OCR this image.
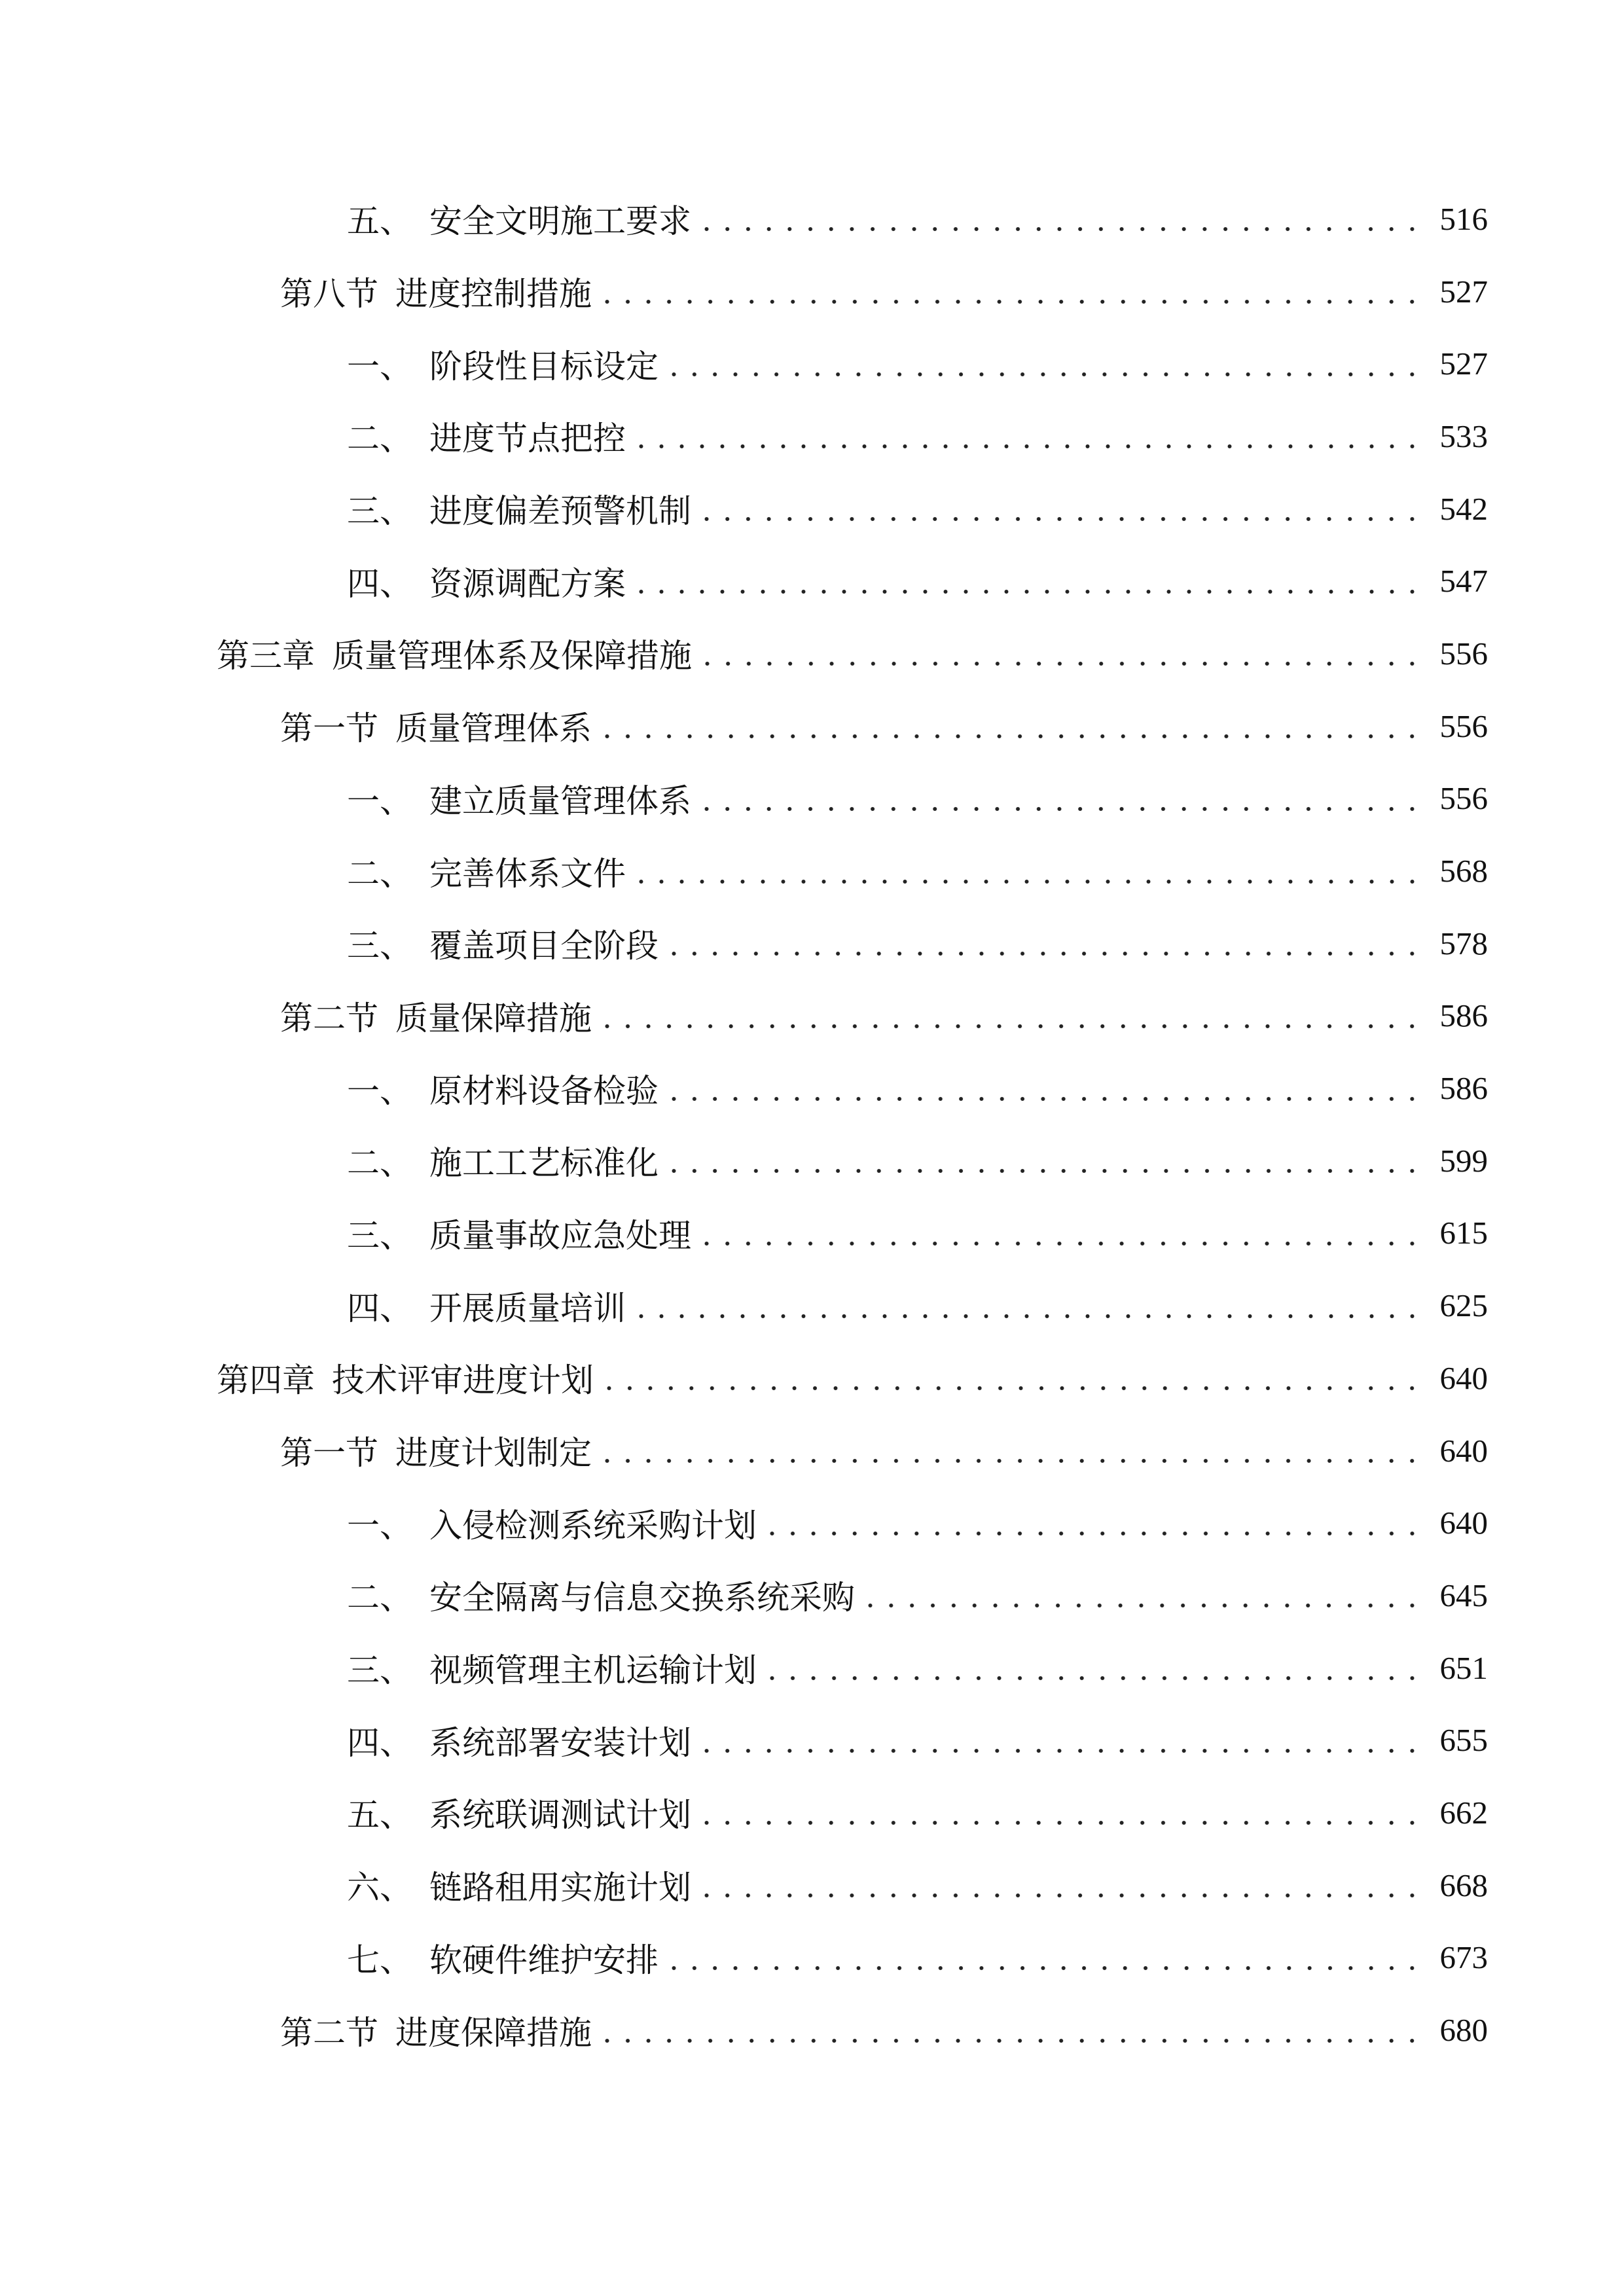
五、 安全文明施工要求	516
第八节 进度控制措施	527
一、 阶段性目标设定	527
二、 进度节点把控	533
三、 进度偏差预警机制	542
四、 资源调配方案	547
第三章 质量管理体系及保障措施	556
第一节 质量管理体系	556
一、 建立质量管理体系	556
二、 完善体系文件	568
三、 覆盖项目全阶段	578
第二节 质量保障措施	586
一、 原材料设备检验	586
二、 施工工艺标准化	599
三、 质量事故应急处理	615
四、 开展质量培训	625
第四章 技术评审进度计划	640
第一节 进度计划制定	640
一、 入侵检测系统采购计划	640
二、 安全隔离与信息交换系统采购	645
三、 视频管理主机运输计划	651
四、 系统部署安装计划	655
五、 系统联调测试计划	662
六、 链路租用实施计划	668
七、 软硬件维护安排	673
第二节 进度保障措施	680
